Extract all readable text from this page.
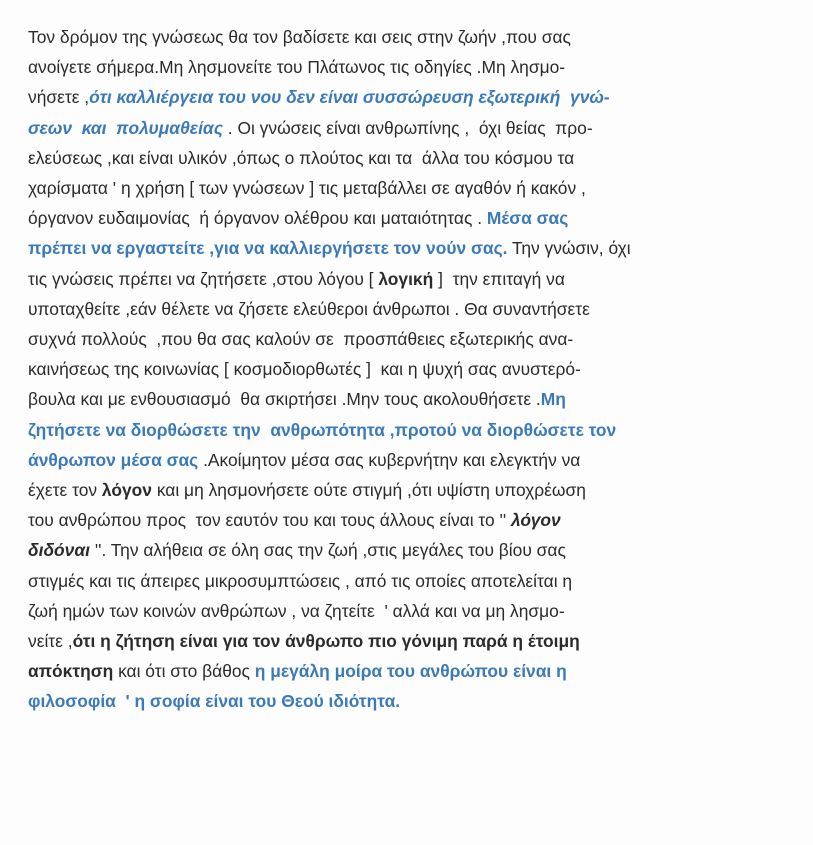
Τον δρόμον της γνώσεως θα τον βαδίσετε και σεις στην ζωήν ,που σας
ανοίγετε σήμερα.Μη λησμονείτε του Πλάτωνος τις οδηγίες .Μη λησμο-
νήσετε ,ότι καλλιέργεια του νου δεν είναι συσσώρευση εξωτερική  γνώ-
σεων  και  πολυμαθείας . Οι γνώσεις είναι ανθρωπίνης ,  όχι θείας  προ-
ελεύσεως ,και είναι υλικόν ,όπως ο πλούτος και τα  άλλα του κόσμου τα
χαρίσματα ' η χρήση [ των γνώσεων ] τις μεταβάλλει σε αγαθόν ή κακόν ,
όργανον ευδαιμονίας  ή όργανον ολέθρου και ματαιότητας . Μέσα σας
πρέπει να εργαστείτε ,για να καλλιεργήσετε τον νούν σας. Την γνώσιν, όχι
τις γνώσεις πρέπει να ζητήσετε ,στου λόγου [ λογική ]  την επιταγή να
υποταχθείτε ,εάν θέλετε να ζήσετε ελεύθεροι άνθρωποι . Θα συναντήσετε
συχνά πολλούς  ,που θα σας καλούν σε  προσπάθειες εξωτερικής ανα-
καινήσεως της κοινωνίας [ κοσμοδιορθωτές ]  και η ψυχή σας ανυστερό-
βουλα και με ενθουσιασμό  θα σκιρτήσει .Μην τους ακολουθήσετε .Μη
ζητήσετε να διορθώσετε την  ανθρωπότητα ,προτού να διορθώσετε τον
άνθρωπον μέσα σας .Ακοίμητον μέσα σας κυβερνήτην και ελεγκτήν να
έχετε τον λόγον και μη λησμονήσετε ούτε στιγμή ,ότι υψίστη υποχρέωση
του ανθρώπου προς  τον εαυτόν του και τους άλλους είναι το '' λόγον
διδόναι ''. Την αλήθεια σε όλη σας την ζωή ,στις μεγάλες του βίου σας
στιγμές και τις άπειρες μικροσυμπτώσεις , από τις οποίες αποτελείται η
ζωή ημών των κοινών ανθρώπων , να ζητείτε  ' αλλά και να μη λησμο-
νείτε ,ότι η ζήτηση είναι για τον άνθρωπο πιο γόνιμη παρά η έτοιμη
απόκτηση και ότι στο βάθος η μεγάλη μοίρα του ανθρώπου είναι η
φιλοσοφία  ' η σοφία είναι του Θεού ιδιότητα.
